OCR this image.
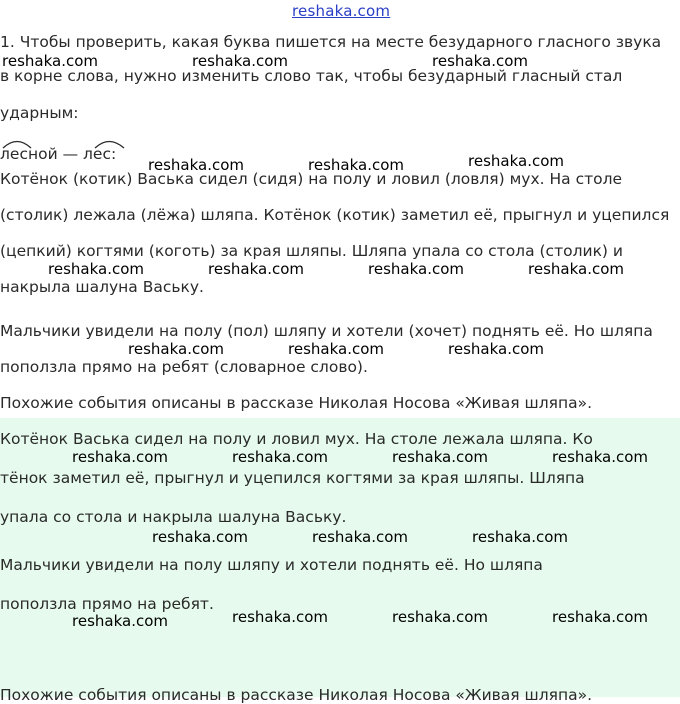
reshaka.com
1. Чтобы проверить, какая буква пишется на месте безударного гласного звука
в корне слова, нужно изменить слово так, чтобы безударный гласный стал
ударным:
лесной — лес:
Котёнок (котик) Васька сидел (сидя) на полу и ловил (ловля) мух. На столе
(столик) лежала (лёжа) шляпа. Котёнок (котик) заметил её, прыгнул и уцепился
(цепкий) когтями (коготь) за края шляпы. Шляпа упала со стола (столик) и
накрыла шалуна Ваську.
Мальчики увидели на полу (пол) шляпу и хотели (хочет) поднять её. Но шляпа
поползла прямо на ребят (словарное слово).
Похожие события описаны в рассказе Николая Носова «Живая шляпа».
Котёнок Васька сидел на полу и ловил мух. На столе лежала шляпа. Ко
тёнок заметил её, прыгнул и уцепился когтями за края шляпы. Шляпа
упала со стола и накрыла шалуна Ваську.
Мальчики увидели на полу шляпу и хотели поднять её. Но шляпа
поползла прямо на ребят.
Похожие события описаны в рассказе Николая Носова «Живая шляпа».
reshaka.com	reshaka.com	reshaka.com
reshaka.com	reshaka.com	reshaka.com
reshaka.com	reshaka.com	reshaka.com	reshaka.com
reshaka.com	reshaka.com	reshaka.com
reshaka.com	reshaka.com	reshaka.com	reshaka.com
reshaka.com	reshaka.com	reshaka.com
reshaka.com	reshaka.com	reshaka.com	reshaka.com
